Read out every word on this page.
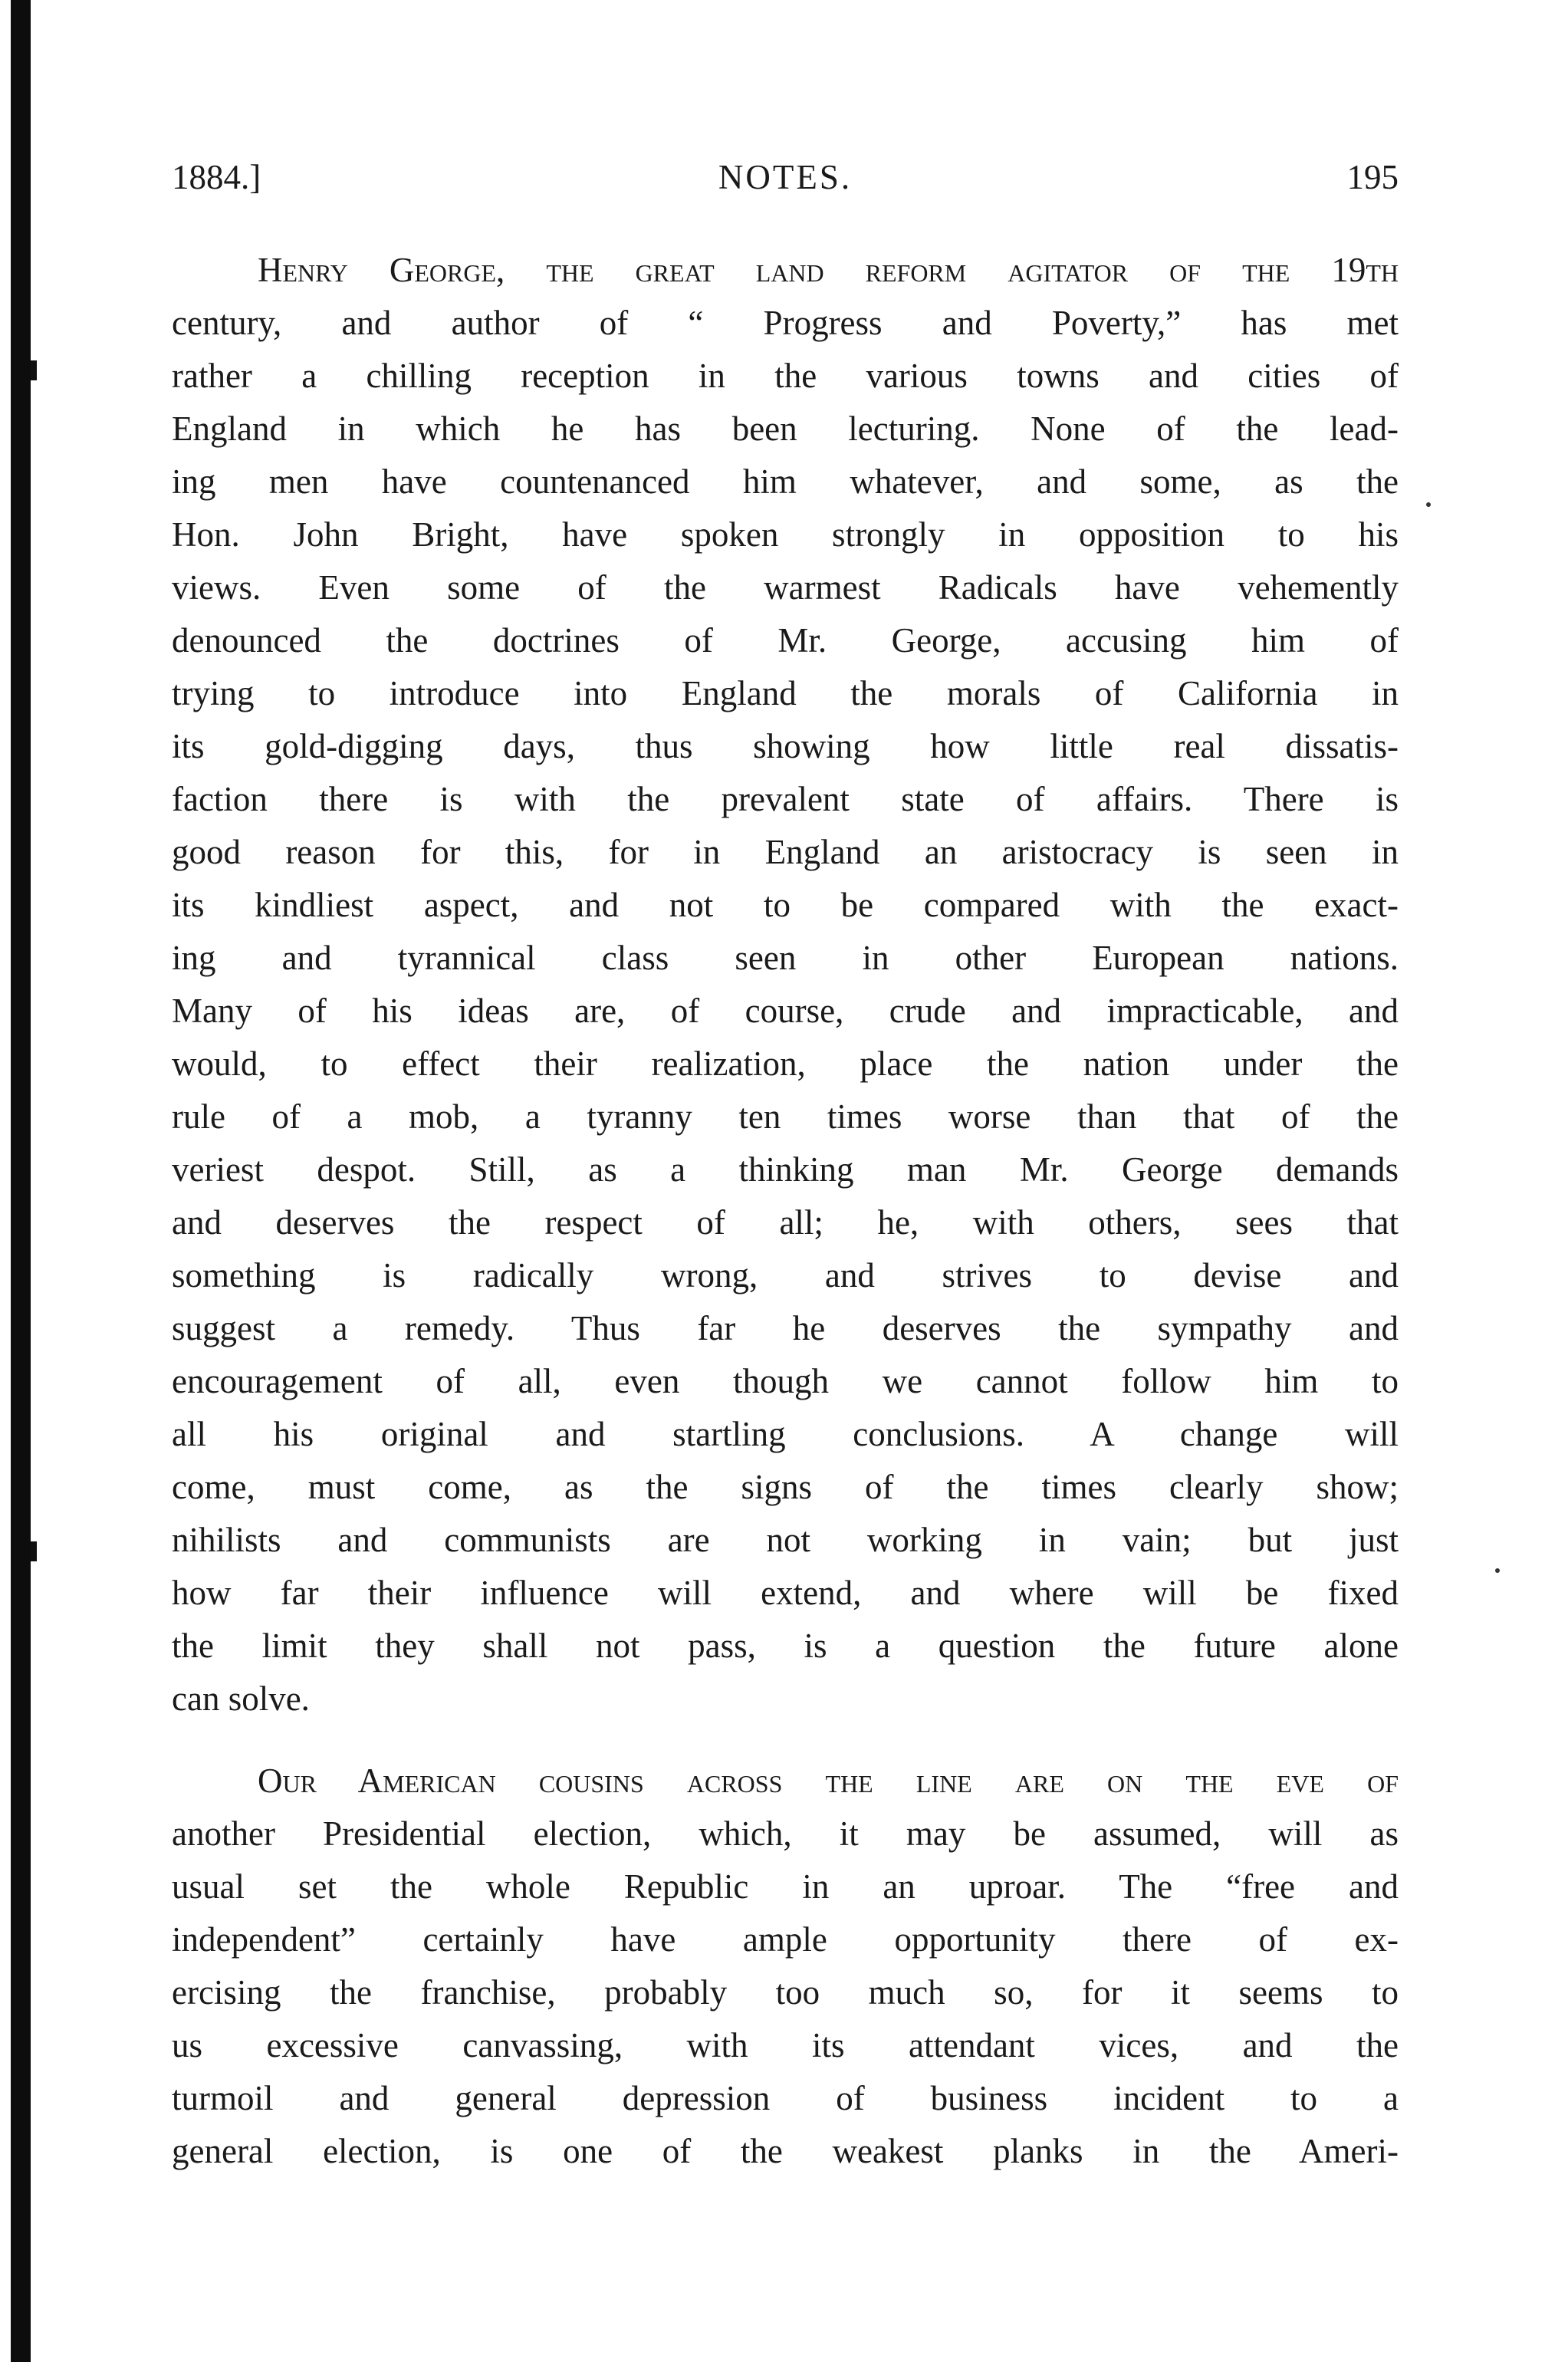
1884.]	NOTES.	195
Henry George, the great land reform agitator of the 19th
century, and author of “ Progress and Poverty,” has met
rather a chilling reception in the various towns and cities of
England in which he has been lecturing. None of the lead-
ing men have countenanced him whatever, and some, as the
Hon. John Bright, have spoken strongly in opposition to his
views. Even some of the warmest Radicals have vehemently
denounced the doctrines of Mr. George, accusing him of
trying to introduce into England the morals of California in
its gold-digging days, thus showing how little real dissatis-
faction there is with the prevalent state of affairs. There is
good reason for this, for in England an aristocracy is seen in
its kindliest aspect, and not to be compared with the exact-
ing and tyrannical class seen in other European nations.
Many of his ideas are, of course, crude and impracticable, and
would, to effect their realization, place the nation under the
rule of a mob, a tyranny ten times worse than that of the
veriest despot. Still, as a thinking man Mr. George demands
and deserves the respect of all; he, with others, sees that
something is radically wrong, and strives to devise and
suggest a remedy. Thus far he deserves the sympathy and
encouragement of all, even though we cannot follow him to
all his original and startling conclusions. A change will
come, must come, as the signs of the times clearly show;
nihilists and communists are not working in vain; but just
how far their influence will extend, and where will be fixed
the limit they shall not pass, is a question the future alone
can solve.
Our American cousins across the line are on the eve of
another Presidential election, which, it may be assumed, will as
usual set the whole Republic in an uproar. The “free and
independent” certainly have ample opportunity there of ex-
ercising the franchise, probably too much so, for it seems to
us excessive canvassing, with its attendant vices, and the
turmoil and general depression of business incident to a
general election, is one of the weakest planks in the Ameri-
